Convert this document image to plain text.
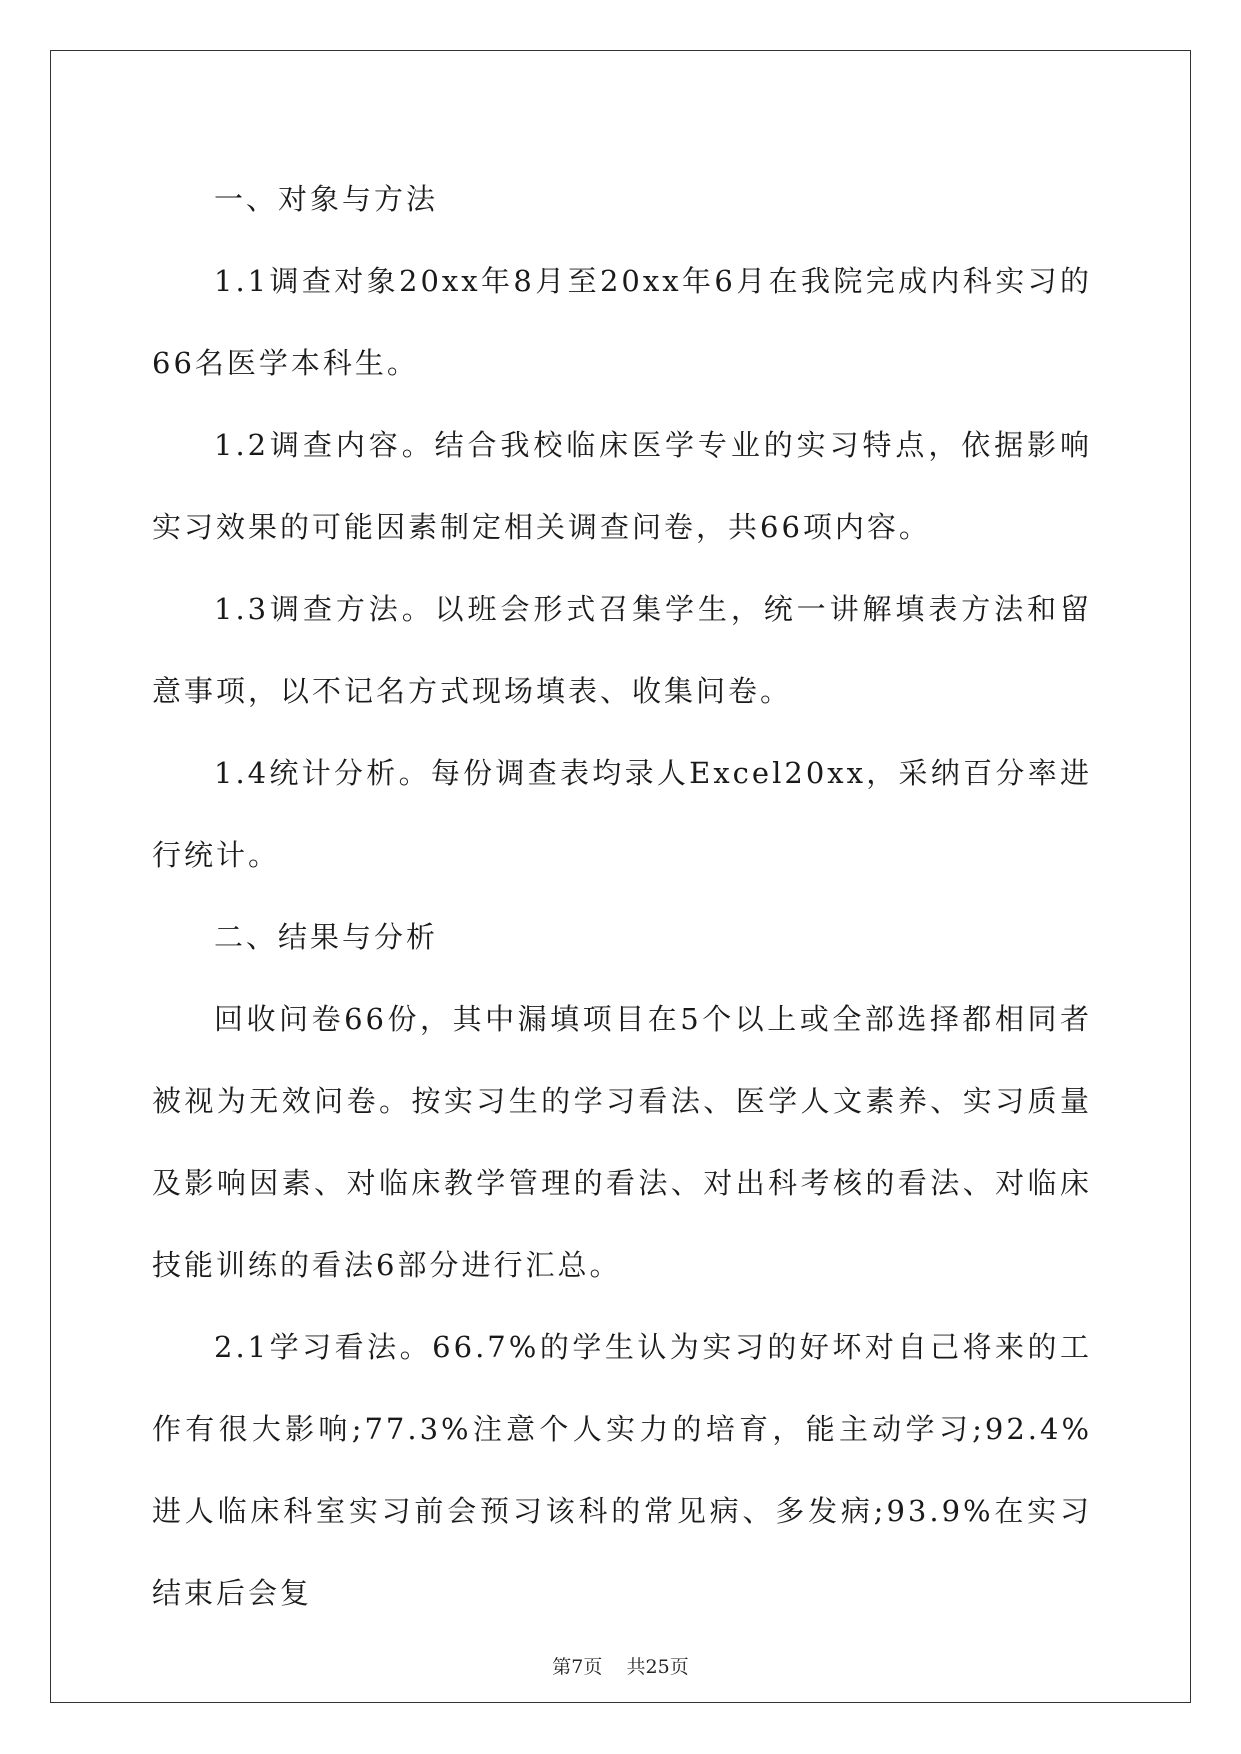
一、对象与方法

1.1调查对象20xx年8月至20xx年6月在我院完成内科实习的66名医学本科生。

1.2调查内容。结合我校临床医学专业的实习特点，依据影响实习效果的可能因素制定相关调查问卷，共66项内容。

1.3调查方法。以班会形式召集学生，统一讲解填表方法和留意事项，以不记名方式现场填表、收集问卷。

1.4统计分析。每份调查表均录人Excel20xx，采纳百分率进行统计。

二、结果与分析

回收问卷66份，其中漏填项目在5个以上或全部选择都相同者被视为无效问卷。按实习生的学习看法、医学人文素养、实习质量及影响因素、对临床教学管理的看法、对出科考核的看法、对临床技能训练的看法6部分进行汇总。

2.1学习看法。66.7%的学生认为实习的好坏对自己将来的工作有很大影响;77.3%注意个人实力的培育，能主动学习;92.4%进人临床科室实习前会预习该科的常见病、多发病;93.9%在实习结束后会复

第7页    共25页
